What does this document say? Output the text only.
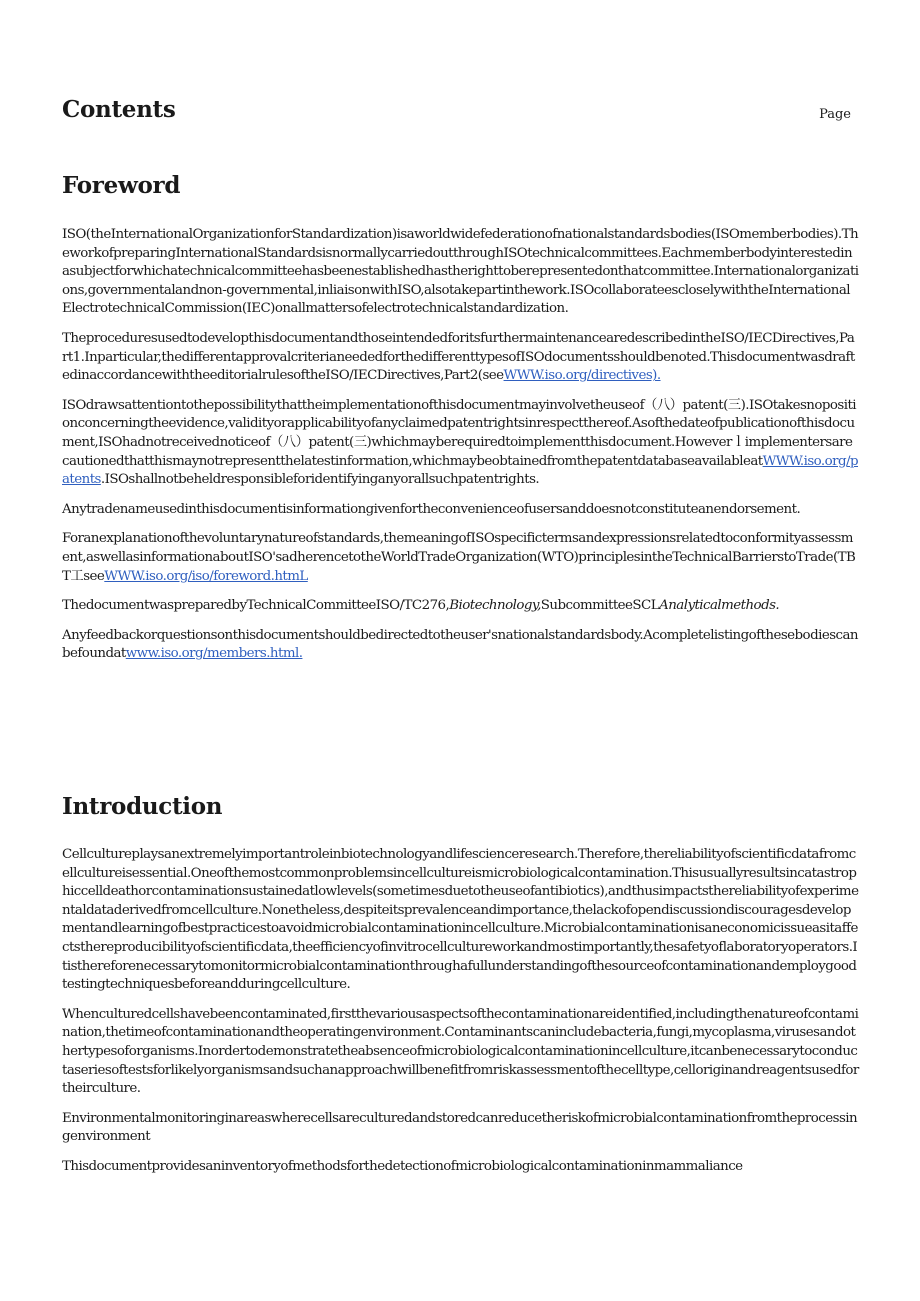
Contents	Page
Foreword

ISO(theInternationalOrganizationforStandardization)isaworldwidefederationofnationalstandardsbodies(ISOmemberbodies).TheworkofpreparingInternationalStandardsisnormallycarriedoutthroughISOtechnicalcommittees.Eachmemberbodyinterestedinasubjectforwhichatechnicalcommitteehasbeenestablishedhastherighttoberepresentedonthatcommittee.Internationalorganizations,governmentalandnon-governmental,inliaisonwithISO,alsotakepartinthework.ISOcollaborateescloselywiththeInternationalElectrotechnicalCommission(IEC)onallmattersofelectrotechnicalstandardization.

TheproceduresusedtodevelopthisdocumentandthoseintendedforitsfurthermaintenancearedescribedintheISO/IECDirectives,Part1.Inparticular,thedifferentapprovalcriterianeededforthedifferenttypesofISOdocumentsshouldbenoted.ThisdocumentwasdraftedinaccordancewiththeeditorialrulesoftheISO/IECDirectives,Part2(seeWWW.iso.org/directives).

ISOdrawsattentiontothepossibilitythattheimplementationofthisdocumentmayinvolvetheuseof（八）patent(三).ISOtakesnopositionconcerningtheevidence,validityorapplicabilityofanyclaimedpatentrightsinrespectthereof.Asofthedateofpublicationofthisdocument,ISOhadnotreceivednoticeof（八）patent(三)whichmayberequiredtoimplementthisdocument.Howeverｌimplementersarecautionedthatthismaynotrepresentthelatestinformation,whichmaybeobtainedfromthepatentdatabaseavailableatWWW.iso.org/patents.ISOshallnotbeheldresponsibleforidentifyinganyorallsuchpatentrights.

Anytradenameusedinthisdocumentisinformationgivenfortheconvenienceofusersanddoesnotconstituteanendorsement.

Foranexplanationofthevoluntarynatureofstandards,themeaningofISOspecifictermsandexpressionsrelatedtoconformityassessment,aswellasinformationaboutISO'sadherencetotheWorldTradeOrganization(WTO)principlesintheTechnicalBarrierstoTrade(TBT工seeWWW.iso.org/iso/foreword.htmL

ThedocumentwaspreparedbyTechnicalCommitteeISO/TC276,Biotechnology,SubcommitteeSCLAnalyticalmethods.

Anyfeedbackorquestionsonthisdocumentshouldbedirectedtotheuser'snationalstandardsbody.Acompletelistingofthesebodiescanbefoundatwww.iso.org/members.html.

Introduction

Cellcultureplaysanextremelyimportantroleinbiotechnologyandlifescienceresearch.Therefore,thereliabilityofscientificdatafromcellcultureisessential.Oneofthemostcommonproblemsincellcultureismicrobiologicalcontamination.Thisusuallyresultsincatastrophiccelldeathorcontaminationsustainedatlowlevels(sometimesduetotheuseofantibiotics),andthusimpactsthereliabilityofexperimentaldataderivedfromcellculture.Nonetheless,despiteitsprevalenceandimportance,thelackofopendiscussiondiscouragesdevelopmentandlearningofbestpracticestoavoidmicrobialcontaminationincellculture.Microbialcontaminationisaneconomicissueasitaffectsthereproducibilityofscientificdata,theefficiencyofinvitrocellcultureworkandmostimportantly,thesafetyoflaboratoryoperators.Itisthereforenecessarytomonitormicrobialcontaminationthroughafullunderstandingofthesourceofcontaminationandemploygoodtestingtechniquesbeforeandduringcellculture.

Whenculturedcellshavebeencontaminated,firstthevariousaspectsofthecontaminationareidentified,includingthenatureofcontamination,thetimeofcontaminationandtheoperatingenvironment.Contaminantscanincludebacteria,fungi,mycoplasma,virusesandothertypesoforganisms.Inordertodemonstratetheabsenceofmicrobiologicalcontaminationincellculture,itcanbenecessarytoconductaseriesoftestsforlikelyorganismsandsuchanapproachwillbenefitfromriskassessmentofthecelltype,celloriginandreagentsusedfortheirculture.

Environmentalmonitoringinareaswherecellsareculturedandstoredcanreducetheriskofmicrobialcontaminationfromtheprocessingenvironment

Thisdocumentprovidesaninventoryofmethodsforthedetectionofmicrobiologicalcontaminationinmammaliance
